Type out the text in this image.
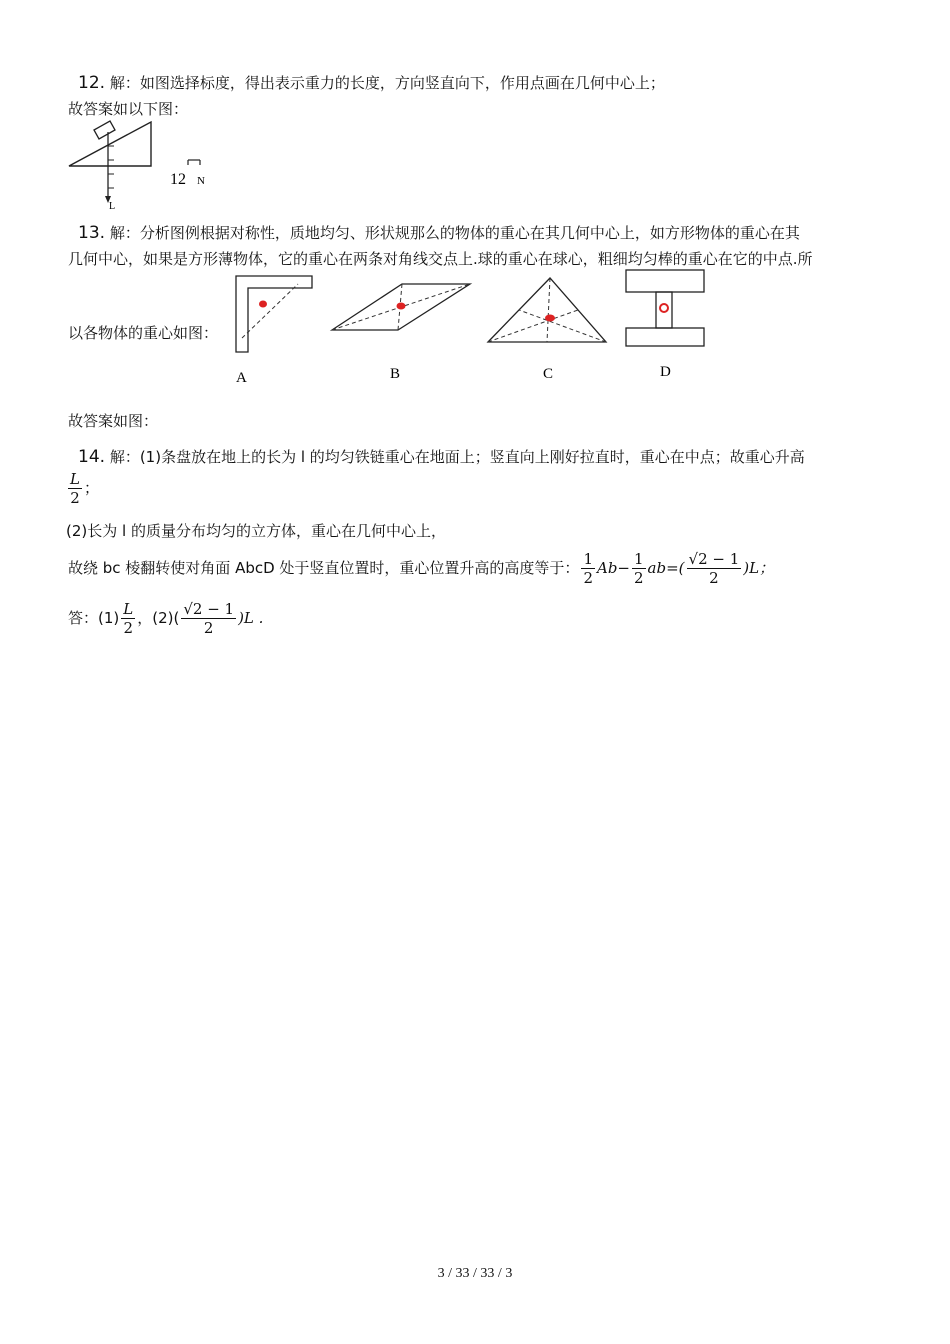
12. 解：如图选择标度，得出表示重力的长度，方向竖直向下，作用点画在几何中心上；
故答案如以下图：
L
12 N
13. 解：分析图例根据对称性，质地均匀、形状规那么的物体的重心在其几何中心上，如方形物体的重心在其
几何中心，如果是方形薄物体，它的重心在两条对角线交点上.球的重心在球心，粗细均匀棒的重心在它的中点.所
以各物体的重心如图：
A	B	C	D
故答案如图：
14. 解：(1)条盘放在地上的长为 l 的均匀铁链重心在地面上；竖直向上刚好拉直时，重心在中点；故重心升高
$\frac{L}{2}$ ；
(2)长为 l 的质量分布均匀的立方体，重心在几何中心上，
故绕 bc 棱翻转使对角面 AbcD 处于竖直位置时，重心位置升高的高度等于： $\frac{1}{2} Ab- \frac{1}{2} ab=( \frac{√2 - 1}{2} )L$；
答：$(1) \frac{L}{2}$ ，$(2)( \frac{√2 - 1}{2} )L$ .
3 / 33 / 33 / 3
